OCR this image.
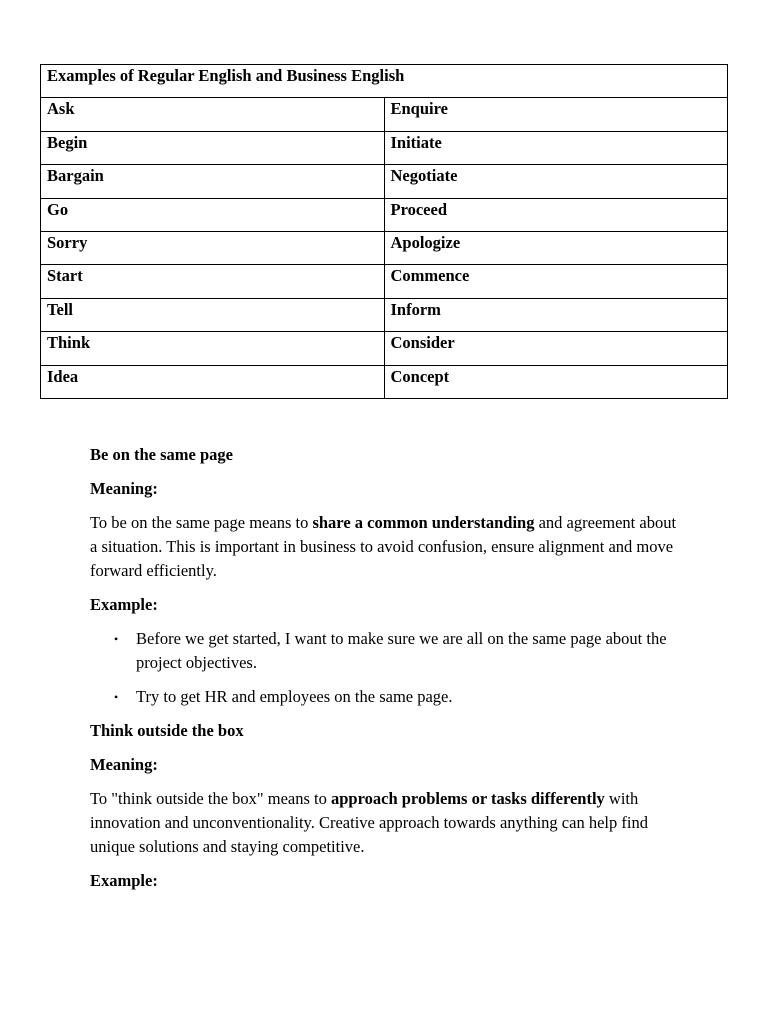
Examples of Regular English and Business English	
Ask	Enquire
Begin	Initiate
Bargain	Negotiate
Go	Proceed
Sorry	Apologize
Start	Commence
Tell	Inform
Think	Consider
Idea	Concept

Be on the same page

Meaning:

To be on the same page means to share a common understanding and agreement about a situation. This is important in business to avoid confusion, ensure alignment and move forward efficiently.

Example:

• Before we get started, I want to make sure we are all on the same page about the project objectives.
• Try to get HR and employees on the same page.

Think outside the box

Meaning:

To "think outside the box" means to approach problems or tasks differently with innovation and unconventionality. Creative approach towards anything can help find unique solutions and staying competitive.

Example:
